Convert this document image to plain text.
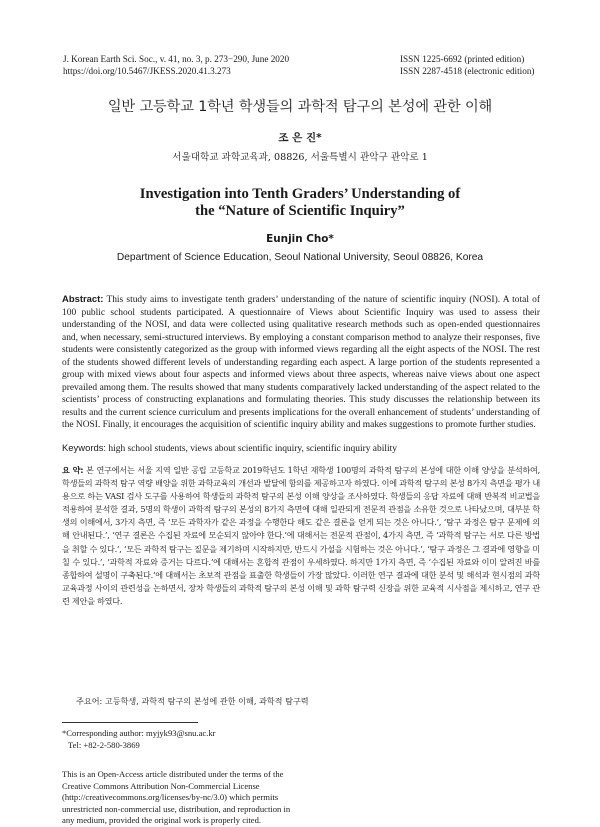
J. Korean Earth Sci. Soc., v. 41, no. 3, p. 273−290, June 2020
https://doi.org/10.5467/JKESS.2020.41.3.273
ISSN 1225-6692 (printed edition)
ISSN 2287-4518 (electronic edition)
일반 고등학교 1학년 학생들의 과학적 탐구의 본성에 관한 이해
조 은 진*
서울대학교 과학교육과, 08826, 서울특별시 관악구 관악로 1
Investigation into Tenth Graders’ Understanding of
the “Nature of Scientific Inquiry”
Eunjin Cho*
Department of Science Education, Seoul National University, Seoul 08826, Korea
Abstract: This study aims to investigate tenth graders’ understanding of the nature of scientific inquiry (NOSI). A total of 100 public school students participated. A questionnaire of Views about Scientific Inquiry was used to assess their understanding of the NOSI, and data were collected using qualitative research methods such as open-ended questionnaires and, when necessary, semi-structured interviews. By employing a constant comparison method to analyze their responses, five students were consistently categorized as the group with informed views regarding all the eight aspects of the NOSI. The rest of the students showed different levels of understanding regarding each aspect. A large portion of the students represented a group with mixed views about four aspects and informed views about three aspects, whereas naive views about one aspect prevailed among them. The results showed that many students comparatively lacked understanding of the aspect related to the scientists’ process of constructing explanations and formulating theories. This study discusses the relationship between its results and the current science curriculum and presents implications for the overall enhancement of students’ understanding of the NOSI. Finally, it encourages the acquisition of scientific inquiry ability and makes suggestions to promote further studies.
Keywords: high school students, views about scientific inquiry, scientific inquiry ability
요 약: 본 연구에서는 서울 지역 일반 공립 고등학교 2019학년도 1학년 재학생 100명의 과학적 탐구의 본성에 대한 이해 양상을 분석하여, 학생들의 과학적 탐구 역량 배양을 위한 과학교육의 개선과 발달에 함의를 제공하고자 하였다. 이에 과학적 탐구의 본성 8가지 측면을 평가 내용으로 하는 VASI 검사 도구를 사용하여 학생들의 과학적 탐구의 본성 이해 양상을 조사하였다. 학생들의 응답 자료에 대해 반복적 비교법을 적용하여 분석한 결과, 5명의 학생이 과학적 탐구의 본성의 8가지 측면에 대해 일관되게 전문적 관점을 소유한 것으로 나타났으며, 대부분 학생의 이해에서, 3가지 측면, 즉 ‘모든 과학자가 같은 과정을 수행한다 해도 같은 결론을 얻게 되는 것은 아니다.’, ‘탐구 과정은 탐구 문제에 의해 안내된다.’, ‘연구 결론은 수집된 자료에 모순되지 않아야 한다.’에 대해서는 전문적 관점이, 4가지 측면, 즉 ‘과학적 탐구는 서로 다른 방법을 취할 수 있다.’, ‘모든 과학적 탐구는 질문을 제기하며 시작하지만, 반드시 가설을 시험하는 것은 아니다.’, ‘탐구 과정은 그 결과에 영향을 미칠 수 있다.’, ‘과학적 자료와 증거는 다르다.’에 대해서는 혼합적 관점이 우세하였다. 하지만 1가지 측면, 즉 ‘수집된 자료와 이미 알려진 바를 종합하여 설명이 구축된다.’에 대해서는 초보적 관점을 표출한 학생들이 가장 많았다. 이러한 연구 결과에 대한 분석 및 해석과 현시점의 과학 교육과정 사이의 관련성을 논하면서, 장차 학생들의 과학적 탐구의 본성 이해 및 과학 탐구력 신장을 위한 교육적 시사점을 제시하고, 연구 관련 제안을 하였다.
주요어: 고등학생, 과학적 탐구의 본성에 관한 이해, 과학적 탐구력
*Corresponding author: myjyk93@snu.ac.kr
Tel: +82-2-580-3869
This is an Open-Access article distributed under the terms of the Creative Commons Attribution Non-Commercial License (http://creativecommons.org/licenses/by-nc/3.0) which permits unrestricted non-commercial use, distribution, and reproduction in any medium, provided the original work is properly cited.
